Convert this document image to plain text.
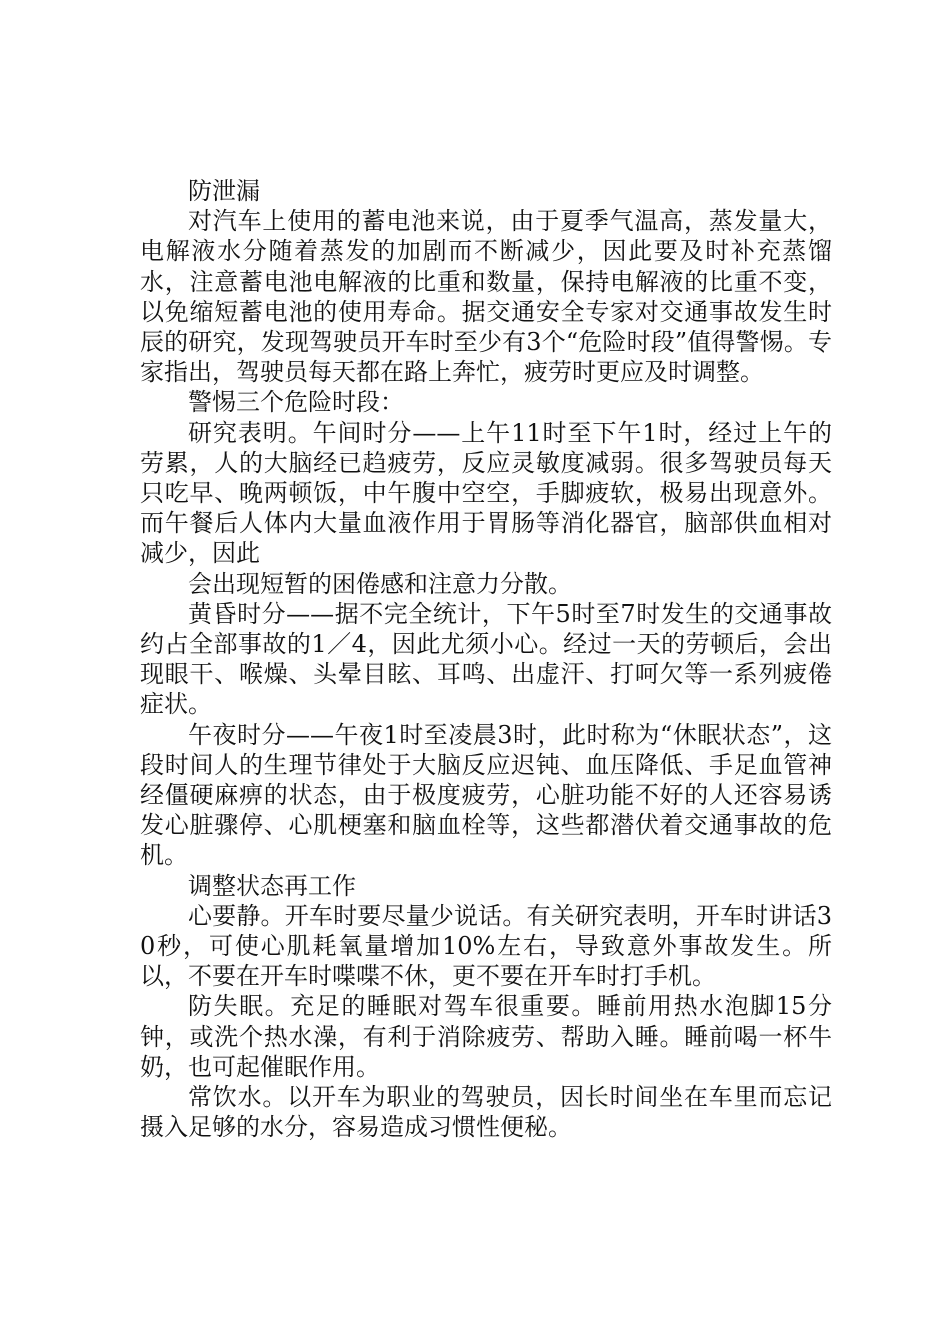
防泄漏

对汽车上使用的蓄电池来说，由于夏季气温高，蒸发量大，电解液水分随着蒸发的加剧而不断减少，因此要及时补充蒸馏水，注意蓄电池电解液的比重和数量，保持电解液的比重不变，以免缩短蓄电池的使用寿命。据交通安全专家对交通事故发生时辰的研究，发现驾驶员开车时至少有3个“危险时段”值得警惕。专家指出，驾驶员每天都在路上奔忙，疲劳时更应及时调整。

警惕三个危险时段：

研究表明。午间时分——上午11时至下午1时，经过上午的劳累，人的大脑经已趋疲劳，反应灵敏度减弱。很多驾驶员每天只吃早、晚两顿饭，中午腹中空空，手脚疲软，极易出现意外。而午餐后人体内大量血液作用于胃肠等消化器官，脑部供血相对减少，因此

会出现短暂的困倦感和注意力分散。

黄昏时分——据不完全统计，下午5时至7时发生的交通事故约占全部事故的1／4，因此尤须小心。经过一天的劳顿后，会出现眼干、喉燥、头晕目眩、耳鸣、出虚汗、打呵欠等一系列疲倦症状。

午夜时分——午夜1时至凌晨3时，此时称为“休眠状态”，这段时间人的生理节律处于大脑反应迟钝、血压降低、手足血管神经僵硬麻痹的状态，由于极度疲劳，心脏功能不好的人还容易诱发心脏骤停、心肌梗塞和脑血栓等，这些都潜伏着交通事故的危机。

调整状态再工作

心要静。开车时要尽量少说话。有关研究表明，开车时讲话30秒，可使心肌耗氧量增加10%左右，导致意外事故发生。所以，不要在开车时喋喋不休，更不要在开车时打手机。

防失眠。充足的睡眠对驾车很重要。睡前用热水泡脚15分钟，或洗个热水澡，有利于消除疲劳、帮助入睡。睡前喝一杯牛奶，也可起催眠作用。

常饮水。以开车为职业的驾驶员，因长时间坐在车里而忘记摄入足够的水分，容易造成习惯性便秘。
